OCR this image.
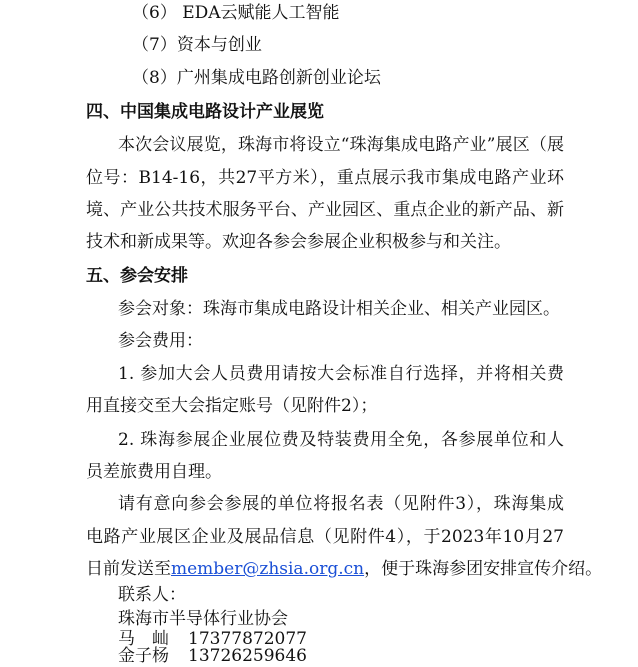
（6） EDA云赋能人工智能
（7）资本与创业
（8）广州集成电路创新创业论坛
四、中国集成电路设计产业展览
本次会议展览，珠海市将设立“珠海集成电路产业”展区（展
位号：B14-16，共27平方米），重点展示我市集成电路产业环
境、产业公共技术服务平台、产业园区、重点企业的新产品、新
技术和新成果等。欢迎各参会参展企业积极参与和关注。
五、参会安排
参会对象：珠海市集成电路设计相关企业、相关产业园区。
参会费用：
1. 参加大会人员费用请按大会标准自行选择，并将相关费
用直接交至大会指定账号（见附件2）；
2. 珠海参展企业展位费及特装费用全免，各参展单位和人
员差旅费用自理。
请有意向参会参展的单位将报名表（见附件3），珠海集成
电路产业展区企业及展品信息（见附件4），于2023年10月27
日前发送至member@zhsia.org.cn，便于珠海参团安排宣传介绍。
联系人：
珠海市半导体行业协会
马　屾 17377872077
金子杨 13726259646
